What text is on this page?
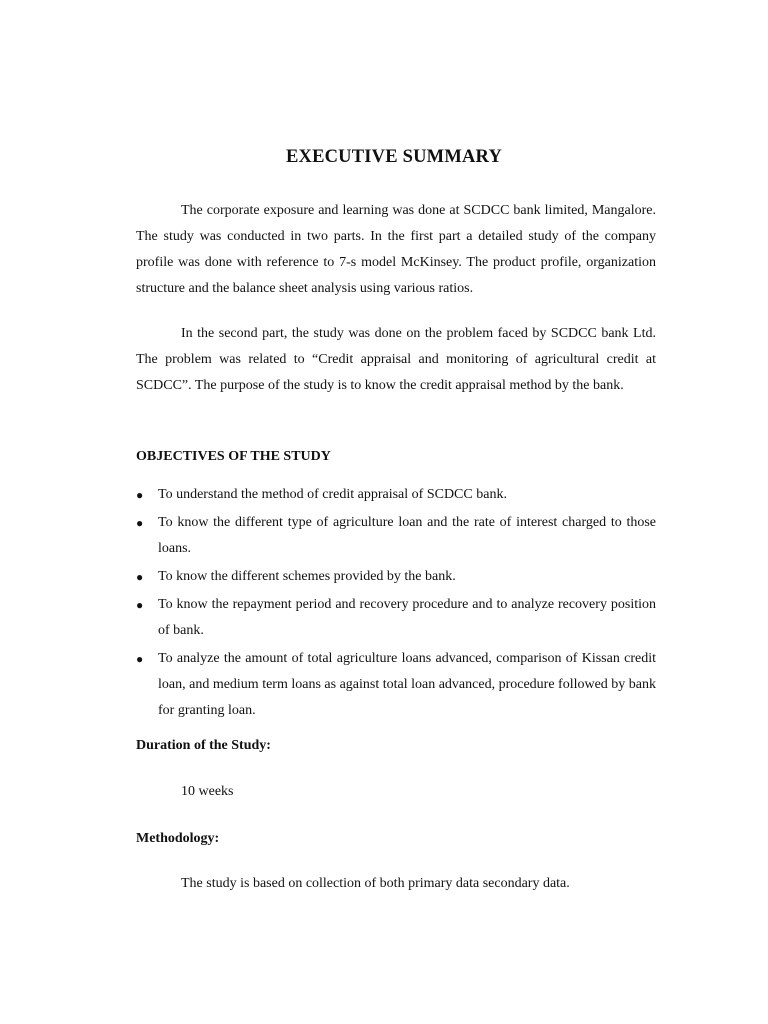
EXECUTIVE SUMMARY

The corporate exposure and learning was done at SCDCC bank limited, Mangalore. The study was conducted in two parts. In the first part a detailed study of the company profile was done with reference to 7-s model McKinsey. The product profile, organization structure and the balance sheet analysis using various ratios.

In the second part, the study was done on the problem faced by SCDCC bank Ltd. The problem was related to “Credit appraisal and monitoring of agricultural credit at SCDCC”. The purpose of the study is to know the credit appraisal method by the bank.

OBJECTIVES OF THE STUDY
● To understand the method of credit appraisal of SCDCC bank.
● To know the different type of agriculture loan and the rate of interest charged to those loans.
● To know the different schemes provided by the bank.
● To know the repayment period and recovery procedure and to analyze recovery position of bank.
● To analyze the amount of total agriculture loans advanced, comparison of Kissan credit loan, and medium term loans as against total loan advanced, procedure followed by bank for granting loan.
Duration of the Study:

10 weeks

Methodology:

The study is based on collection of both primary data secondary data.
